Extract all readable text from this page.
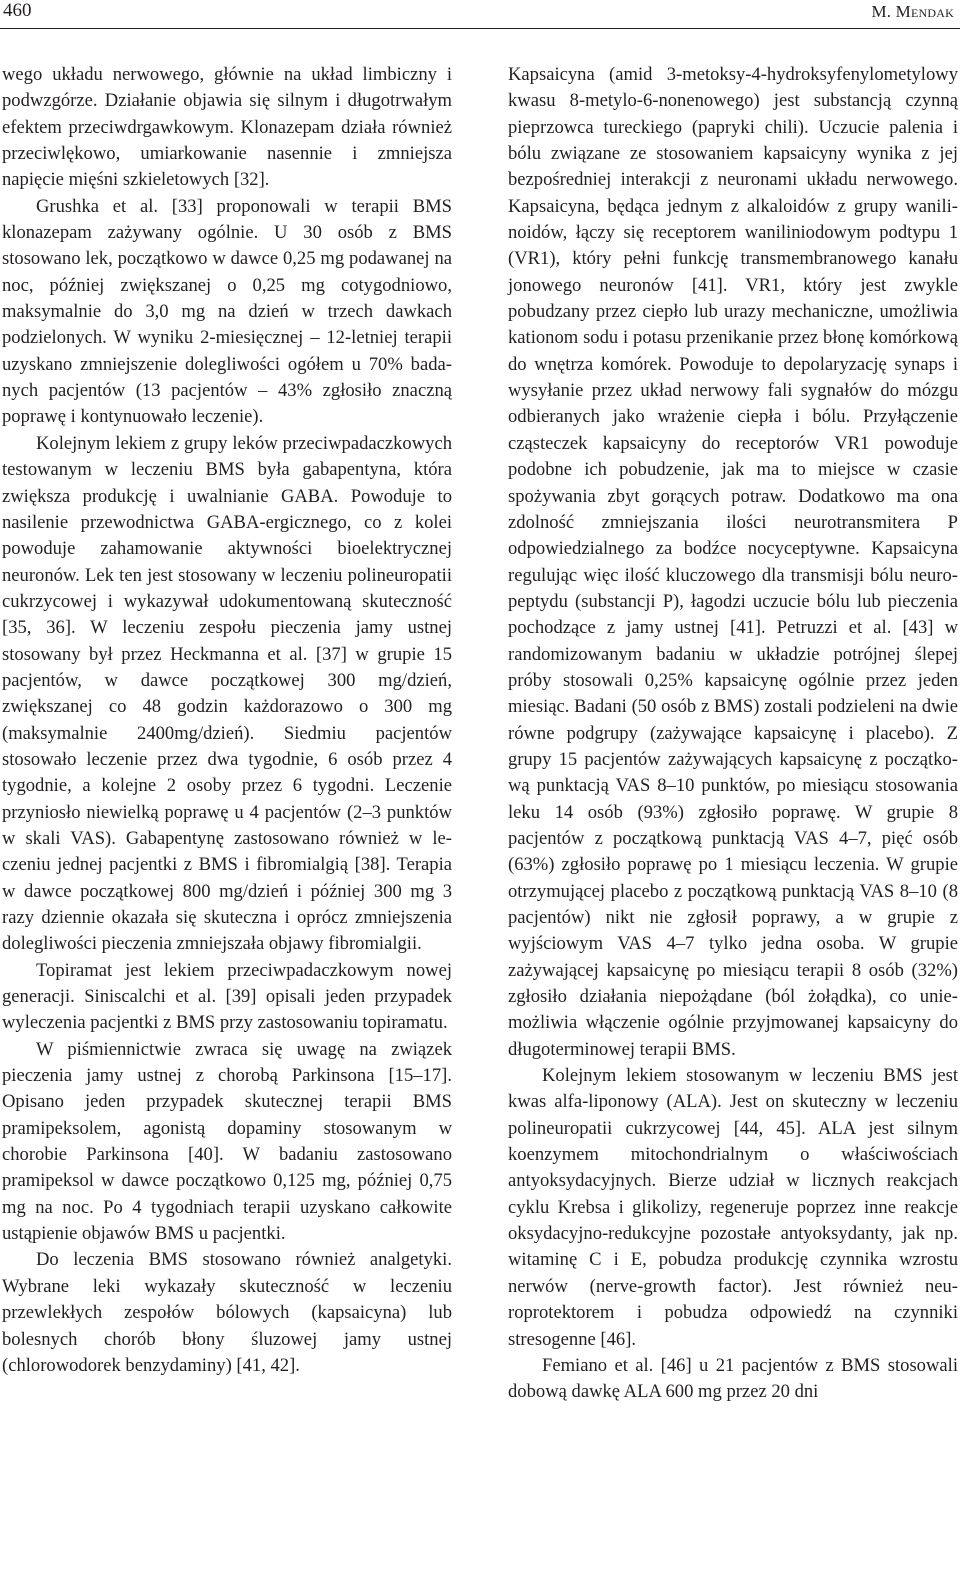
460	M. Mendak

wego układu nerwowego, głównie na układ limbiczny i podwzgórze. Działanie objawia się silnym i długotrwałym efektem przeciwdrgawkowym. Klonazepam działa również przeciwlękowo, umiarkowanie nasennie i zmniejsza napięcie mięśni szkieletowych [32].

Grushka et al. [33] proponowali w terapii BMS klonazepam zażywany ogólnie. U 30 osób z BMS stosowano lek, początkowo w dawce 0,25 mg podawanej na noc, później zwiększanej o 0,25 mg cotygodniowo, maksymalnie do 3,0 mg na dzień w trzech dawkach podzielonych. W wyniku 2-miesięcznej – 12-letniej terapii uzyskano zmniejszenie dolegliwości ogółem u 70% badanych pacjentów (13 pacjentów – 43% zgłosiło znaczną poprawę i kontynuowało leczenie).

Kolejnym lekiem z grupy leków przeciwpadaczkowych testowanym w leczeniu BMS była gabapentyna, która zwiększa produkcję i uwalnianie GABA. Powoduje to nasilenie przewodnictwa GABA-ergicznego, co z kolei powoduje zahamowanie aktywności bioelektrycznej neuronów. Lek ten jest stosowany w leczeniu polineuropatii cukrzycowej i wykazywał udokumentowaną skuteczność [35, 36]. W leczeniu zespołu pieczenia jamy ustnej stosowany był przez Heckmanna et al. [37] w grupie 15 pacjentów, w dawce początkowej 300 mg/dzień, zwiększanej co 48 godzin każdorazowo o 300 mg (maksymalnie 2400mg/dzień). Siedmiu pacjentów stosowało leczenie przez dwa tygodnie, 6 osób przez 4 tygodnie, a kolejne 2 osoby przez 6 tygodni. Leczenie przyniosło niewielką poprawę u 4 pacjentów (2–3 punktów w skali VAS). Gabapentynę zastosowano również w leczeniu jednej pacjentki z BMS i fibromialgią [38]. Terapia w dawce początkowej 800 mg/dzień i później 300 mg 3 razy dziennie okazała się skuteczna i oprócz zmniejszenia dolegliwości pieczenia zmniejszała objawy fibromialgii.

Topiramat jest lekiem przeciwpadaczkowym nowej generacji. Siniscalchi et al. [39] opisali jeden przypadek wyleczenia pacjentki z BMS przy zastosowaniu topiramatu.

W piśmiennictwie zwraca się uwagę na związek pieczenia jamy ustnej z chorobą Parkinsona [15–17]. Opisano jeden przypadek skutecznej terapii BMS pramipeksolem, agonistą dopaminy stosowanym w chorobie Parkinsona [40]. W badaniu zastosowano pramipeksol w dawce początkowo 0,125 mg, później 0,75 mg na noc. Po 4 tygodniach terapii uzyskano całkowite ustąpienie objawów BMS u pacjentki.

Do leczenia BMS stosowano również analgetyki. Wybrane leki wykazały skuteczność w leczeniu przewlekłych zespołów bólowych (kapsaicyna) lub bolesnych chorób błony śluzowej jamy ustnej (chlorowodorek benzydaminy) [41, 42].

Kapsaicyna (amid 3-metoksy-4-hydroksyfenylometylowy kwasu 8-metylo-6-nonenowego) jest substancją czynną pieprzowca tureckiego (papryki chili). Uczucie palenia i bólu związane ze stosowaniem kapsaicyny wynika z jej bezpośredniej interakcji z neuronami układu nerwowego. Kapsaicyna, będąca jednym z alkaloidów z grupy wanilinoidów, łączy się receptorem waniliniodowym podtypu 1 (VR1), który pełni funkcję transmembranowego kanału jonowego neuronów [41]. VR1, który jest zwykle pobudzany przez ciepło lub urazy mechaniczne, umożliwia kationom sodu i potasu przenikanie przez błonę komórkową do wnętrza komórek. Powoduje to depolaryzację synaps i wysyłanie przez układ nerwowy fali sygnałów do mózgu odbieranych jako wrażenie ciepła i bólu. Przyłączenie cząsteczek kapsaicyny do receptorów VR1 powoduje podobne ich pobudzenie, jak ma to miejsce w czasie spożywania zbyt gorących potraw. Dodatkowo ma ona zdolność zmniejszania ilości neurotransmitera P odpowiedzialnego za bodźce nocyceptywne. Kapsaicyna regulując więc ilość kluczowego dla transmisji bólu neuropeptydu (substancji P), łagodzi uczucie bólu lub pieczenia pochodzące z jamy ustnej [41]. Petruzzi et al. [43] w randomizowanym badaniu w układzie potrójnej ślepej próby stosowali 0,25% kapsaicynę ogólnie przez jeden miesiąc. Badani (50 osób z BMS) zostali podzieleni na dwie równe podgrupy (zażywające kapsaicynę i placebo). Z grupy 15 pacjentów zażywających kapsaicynę z początkową punktacją VAS 8–10 punktów, po miesiącu stosowania leku 14 osób (93%) zgłosiło poprawę. W grupie 8 pacjentów z początkową punktacją VAS 4–7, pięć osób (63%) zgłosiło poprawę po 1 miesiącu leczenia. W grupie otrzymującej placebo z początkową punktacją VAS 8–10 (8 pacjentów) nikt nie zgłosił poprawy, a w grupie z wyjściowym VAS 4–7 tylko jedna osoba. W grupie zażywającej kapsaicynę po miesiącu terapii 8 osób (32%) zgłosiło działania niepożądane (ból żołądka), co uniemożliwia włączenie ogólnie przyjmowanej kapsaicyny do długoterminowej terapii BMS.

Kolejnym lekiem stosowanym w leczeniu BMS jest kwas alfa-liponowy (ALA). Jest on skuteczny w leczeniu polineuropatii cukrzycowej [44, 45]. ALA jest silnym koenzymem mitochondrialnym o właściwościach antyoksydacyjnych. Bierze udział w licznych reakcjach cyklu Krebsa i glikolizy, regeneruje poprzez inne reakcje oksydacyjno-redukcyjne pozostałe antyoksydanty, jak np. witaminę C i E, pobudza produkcję czynnika wzrostu nerwów (nerve-growth factor). Jest również neuroprotektorem i pobudza odpowiedź na czynniki stresogenne [46].

Femiano et al. [46] u 21 pacjentów z BMS stosowali dobową dawkę ALA 600 mg przez 20 dni
